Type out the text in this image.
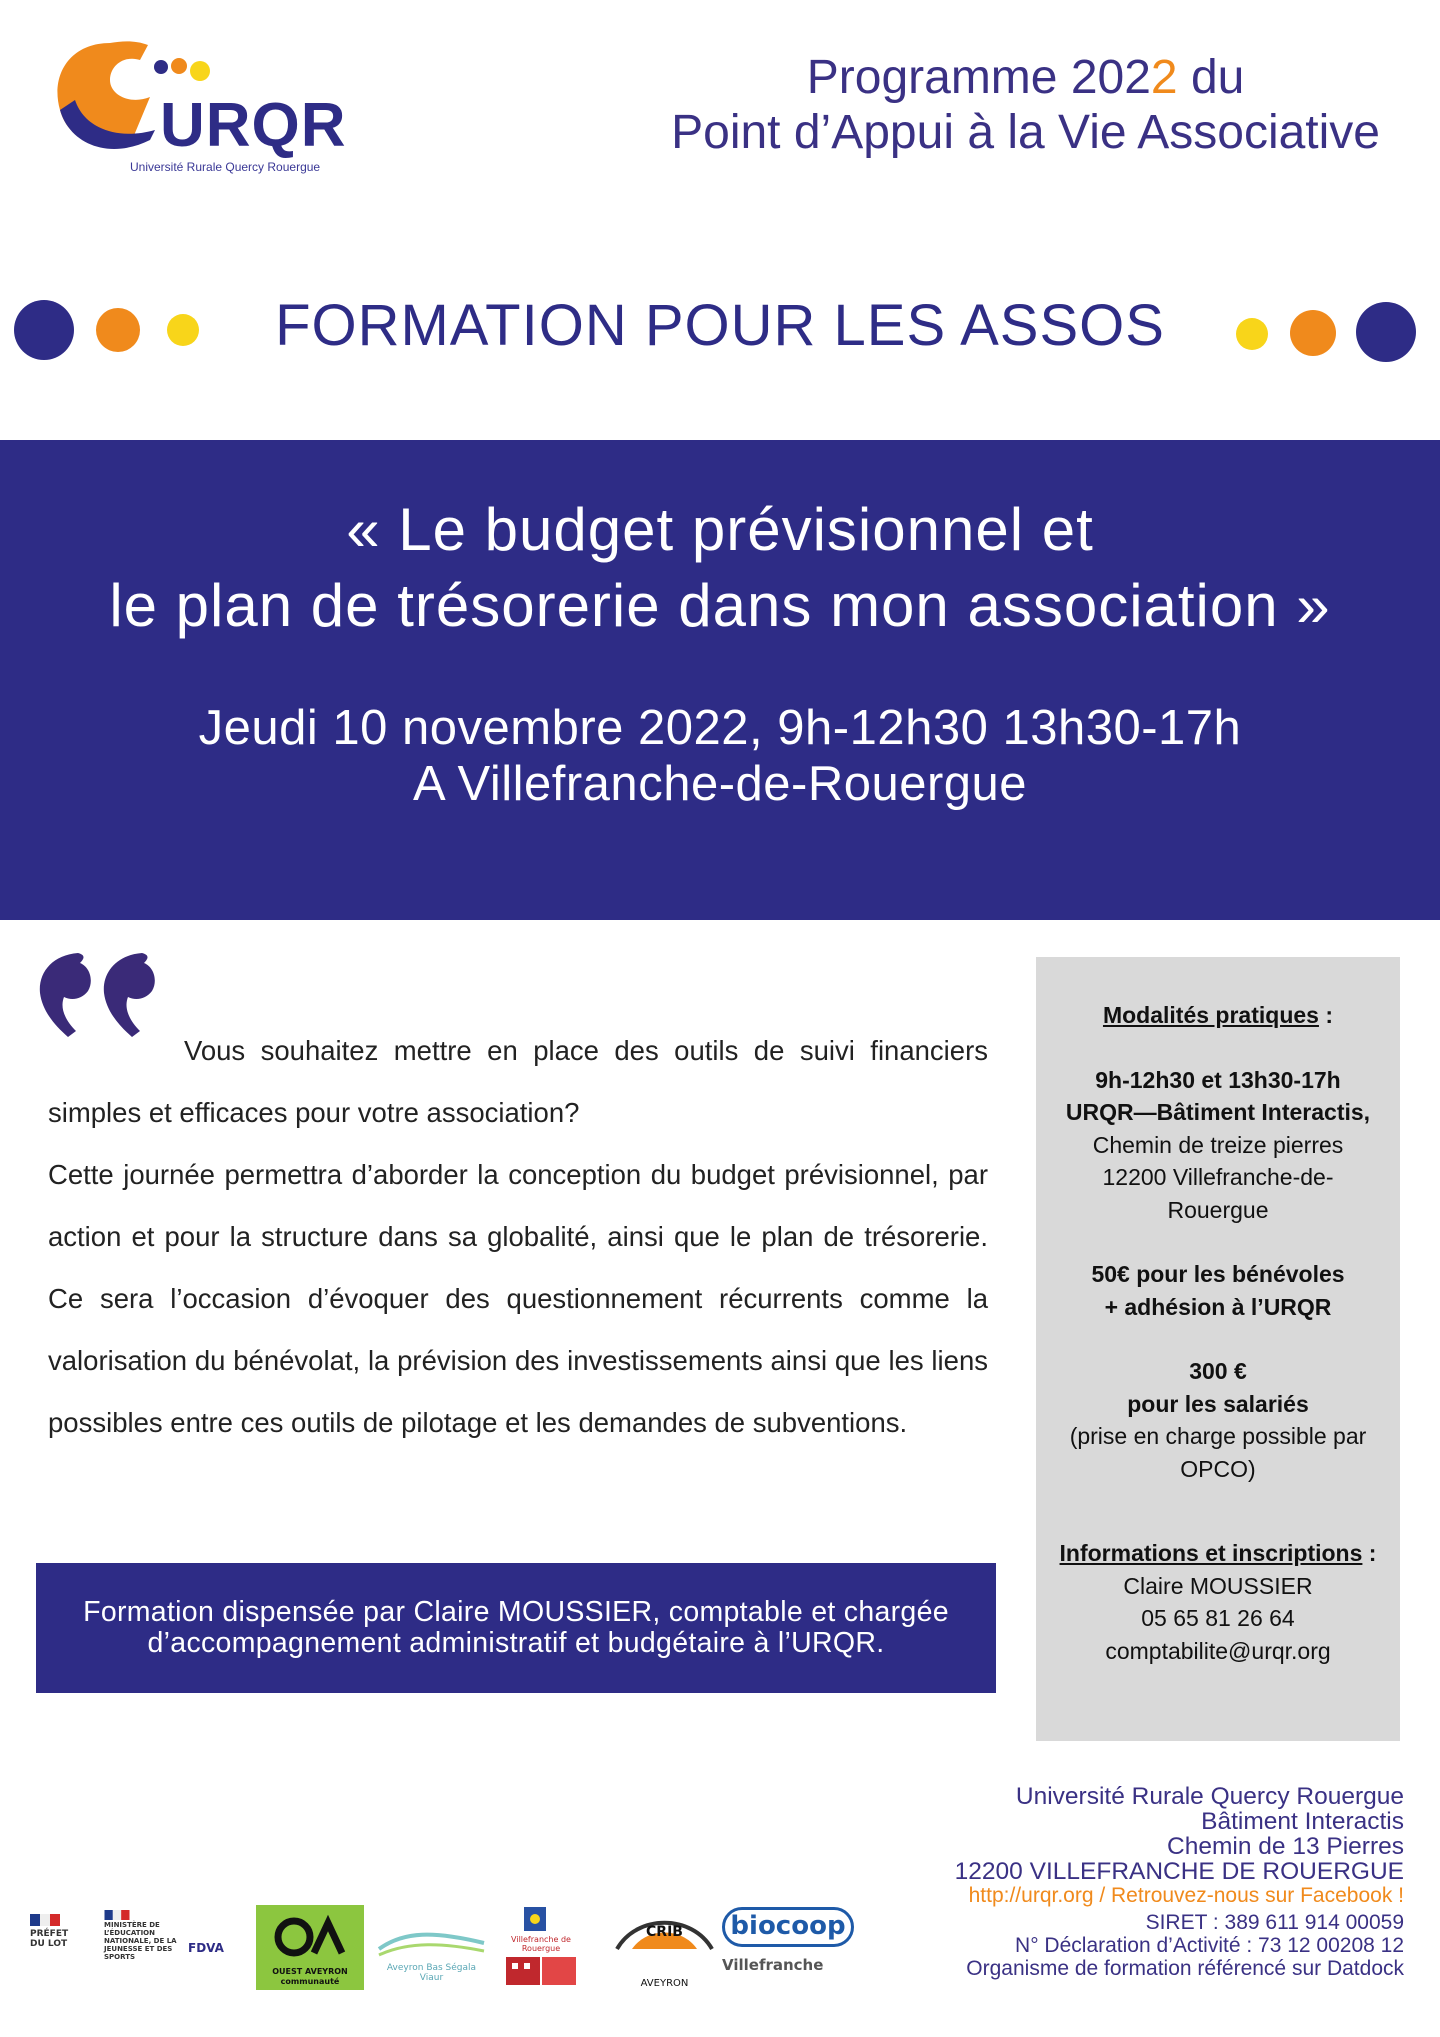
URQR
Université Rurale Quercy Rouergue
Programme 2022 du
Point d’Appui à la Vie Associative
FORMATION POUR LES ASSOS
« Le budget prévisionnel et
le plan de trésorerie dans mon association »
Jeudi 10 novembre 2022, 9h-12h30 13h30-17h
A Villefranche-de-Rouergue

Vous souhaitez mettre en place des outils de suivi financiers simples et efficaces pour votre association?

Cette journée permettra d’aborder la conception du budget prévisionnel, par action et pour la structure dans sa globalité, ainsi que le plan de trésorerie. Ce sera l’occasion d’évoquer des questionnement récurrents comme la valorisation du bénévolat, la prévision des investissements ainsi que les liens possibles entre ces outils de pilotage et les demandes de subventions.

Formation dispensée par Claire MOUSSIER, comptable et chargée
d’accompagnement administratif et budgétaire à l’URQR.
Modalités pratiques :
9h-12h30 et 13h30-17h
URQR—Bâtiment Interactis,
Chemin de treize pierres
12200 Villefranche-de-
Rouergue
50€ pour les bénévoles
+ adhésion à l’URQR
300 €
pour les salariés
(prise en charge possible par
OPCO)
Informations et inscriptions :
Claire MOUSSIER
05 65 81 26 64
comptabilite@urqr.org
Université Rurale Quercy Rouergue
Bâtiment Interactis
Chemin de 13 Pierres
12200 VILLEFRANCHE DE ROUERGUE
http://urqr.org / Retrouvez-nous sur Facebook !
SIRET : 389 611 914 00059
N° Déclaration d’Activité : 73 12 00208 12
Organisme de formation référencé sur Datdock
PRÉFET DU LOT
MINISTÈRE DE L’ÉDUCATION NATIONALE, DE LA JEUNESSE ET DES SPORTS
FDVA
OUEST AVEYRON communauté
Aveyron Bas Ségala Viaur
Villefranche de Rouergue
CRIB
AVEYRON
biocoop
Villefranche
